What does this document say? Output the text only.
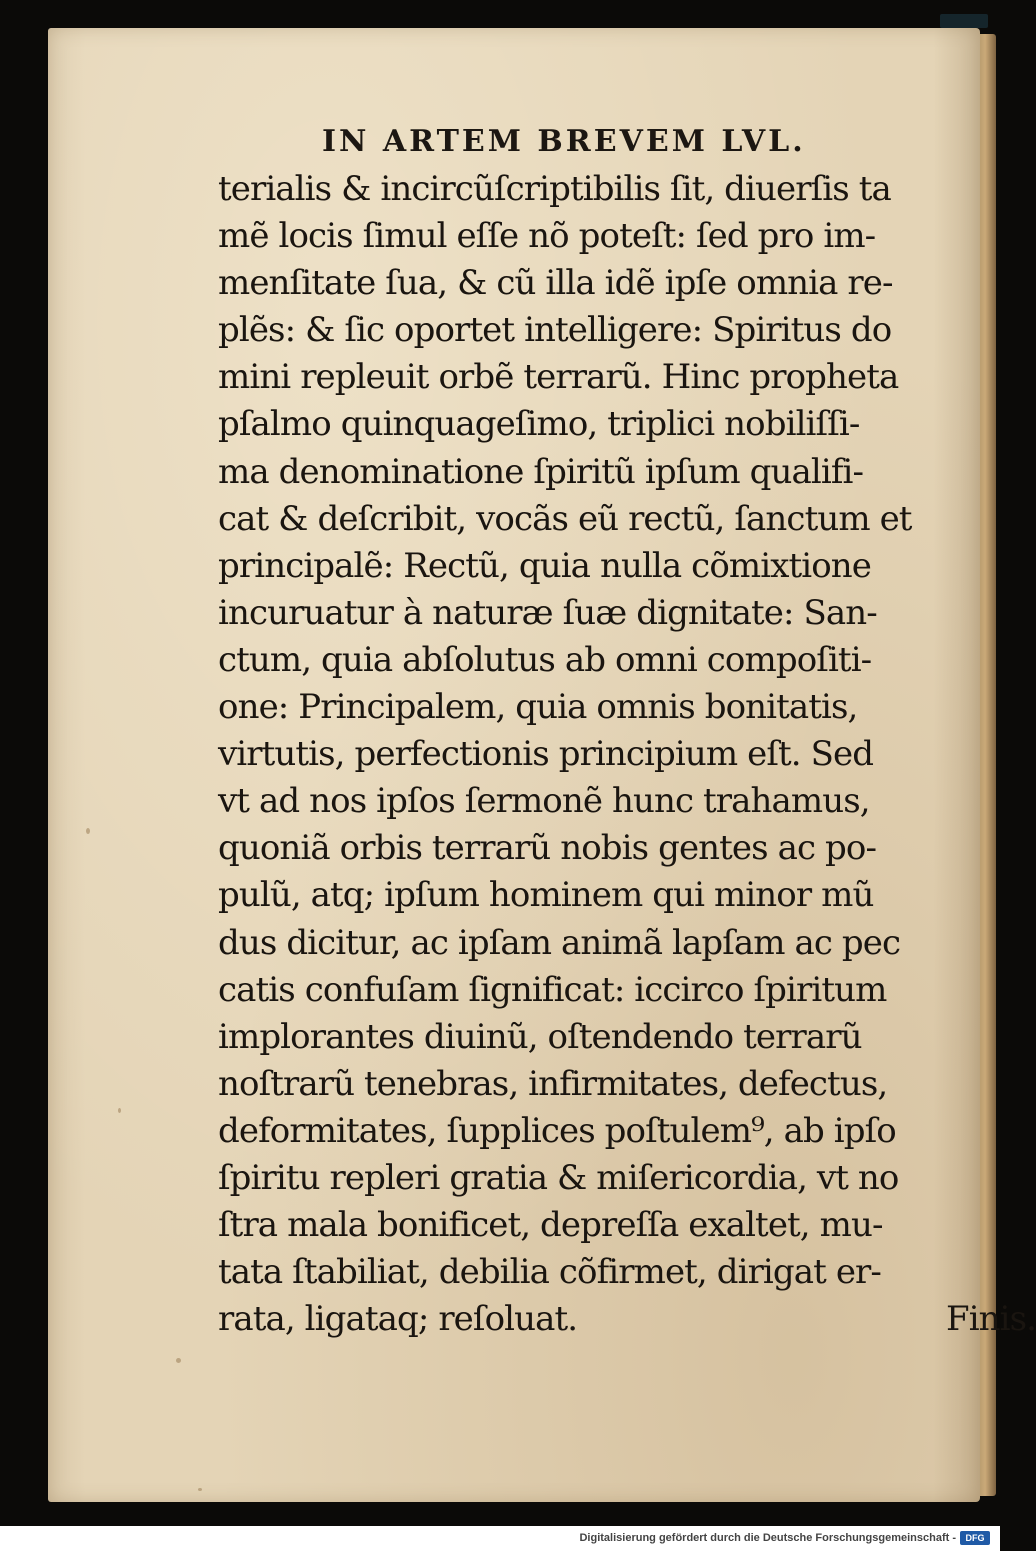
IN ARTEM BREVEM LVL.
terialis & incircũſcriptibilis ſit, diuerſis ta
mẽ locis ſimul eſſe nõ poteſt: ſed pro im-
menſitate ſua, & cũ illa idẽ ipſe omnia re-
plẽs: & ſic oportet intelligere: Spiritus do
mini repleuit orbẽ terrarũ. Hinc propheta
pſalmo quinquageſimo, triplici nobiliſſi-
ma denominatione ſpiritũ ipſum qualifi-
cat & deſcribit, vocãs eũ rectũ, ſanctum et
principalẽ: Rectũ, quia nulla cõmixtione
incuruatur à naturæ ſuæ dignitate: San-
ctum, quia abſolutus ab omni compoſiti-
one: Principalem, quia omnis bonitatis,
virtutis, perfectionis principium eſt. Sed
vt ad nos ipſos ſermonẽ hunc trahamus,
quoniã orbis terrarũ nobis gentes ac po-
pulũ, atq; ipſum hominem qui minor mũ
dus dicitur, ac ipſam animã lapſam ac pec
catis confuſam ſignificat: iccirco ſpiritum
implorantes diuinũ, oſtendendo terrarũ
noſtrarũ tenebras, infirmitates, defectus,
deformitates, ſupplices poſtulem⁹, ab ipſo
ſpiritu repleri gratia & miſericordia, vt no
ſtra mala bonificet, depreſſa exaltet, mu-
tata ſtabiliat, debilia cõfirmet, dirigat er-
rata, ligataq; reſoluat.	Finis.
Digitalisierung gefördert durch die Deutsche Forschungsgemeinschaft -	DFG
